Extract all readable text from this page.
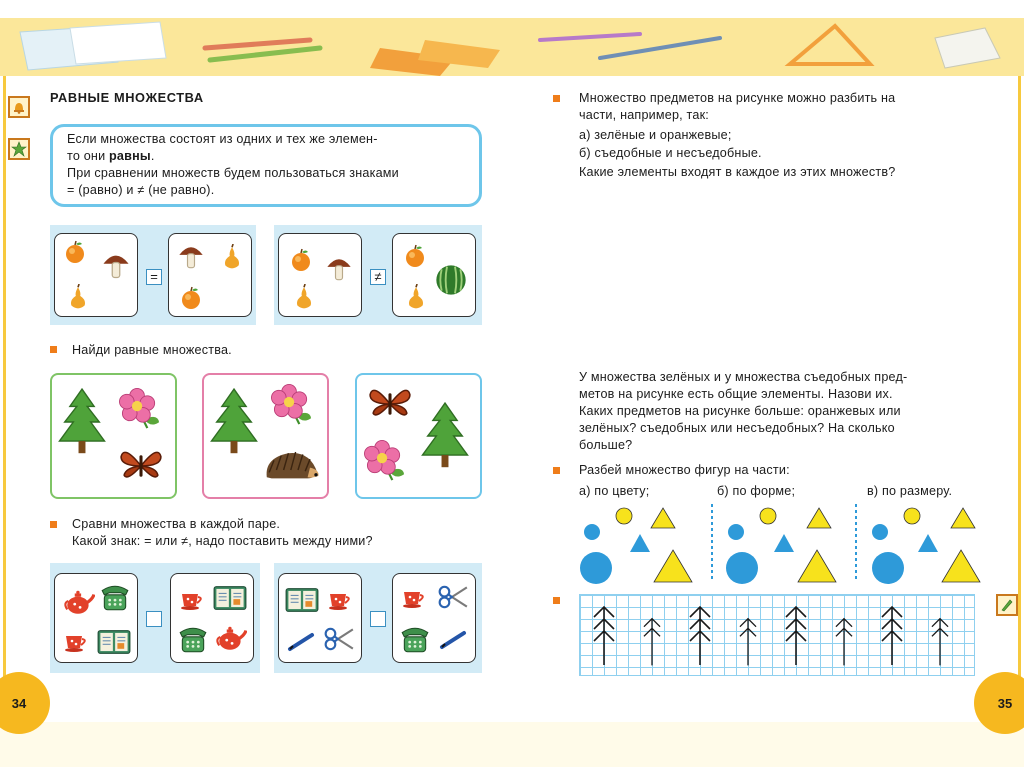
РАВНЫЕ МНОЖЕСТВА
Если множества состоят из одних и тех же элемен-
то они равны.
При сравнении множеств будем пользоваться знаками
= (равно) и ≠ (не равно).
=	≠
Найди равные множества.
Сравни множества в каждой паре.
Какой знак: = или ≠, надо поставить между ними?
34
Множество предметов на рисунке можно разбить на
части, например, так:
а) зелёные и оранжевые;
б) съедобные и несъедобные.
Какие элементы входят в каждое из этих множеств?
У множества зелёных и у множества съедобных пред-
метов на рисунке есть общие элементы. Назови их.
Каких предметов на рисунке больше: оранжевых или
зелёных? съедобных или несъедобных? На сколько
больше?
Разбей множество фигур на части:
а) по цвету;	б) по форме;	в) по размеру.
35
